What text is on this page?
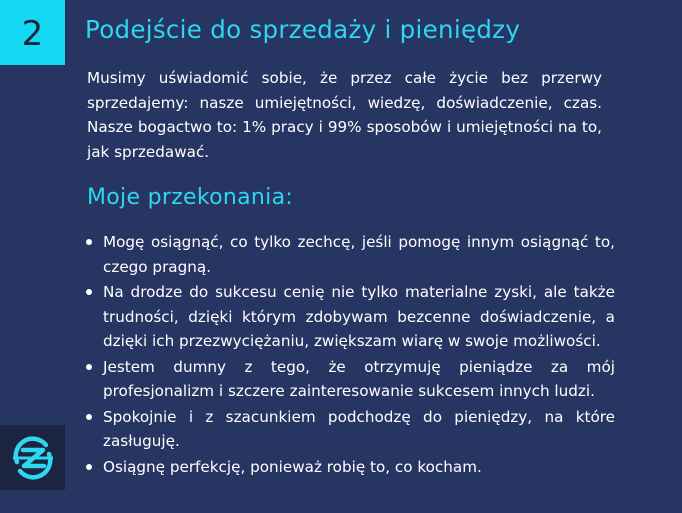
2 Podejście do sprzedaży i pieniędzy

Musimy uświadomić sobie, że przez całe życie bez przerwy sprzedajemy: nasze umiejętności, wiedzę, doświadczenie, czas. Nasze bogactwo to: 1% pracy i 99% sposobów i umiejętności na to, jak sprzedawać.

Moje przekonania:
Mogę osiągnąć, co tylko zechcę, jeśli pomogę innym osiągnąć to, czego pragną.
Na drodze do sukcesu cenię nie tylko materialne zyski, ale także trudności, dzięki którym zdobywam bezcenne doświadczenie, a dzięki ich przezwyciężaniu, zwiększam wiarę w swoje możliwości.
Jestem dumny z tego, że otrzymuję pieniądze za mój profesjonalizm i szczere zainteresowanie sukcesem innych ludzi.
Spokojnie i z szacunkiem podchodzę do pieniędzy, na które zasługuję.
Osiągnę perfekcję, ponieważ robię to, co kocham.
